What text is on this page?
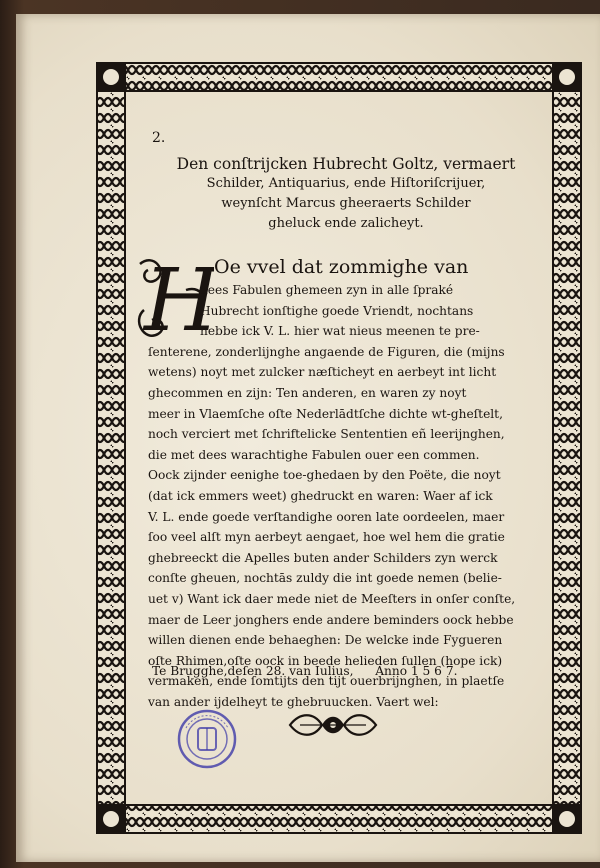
2.
Den conſtrijcken Hubrecht Goltz, vermaert
Schilder, Antiquarius, ende Hiſtoriſcrijuer,
weynſcht Marcus gheeraerts Schilder
gheluck ende zalicheyt.
H
Oe vvel dat zommighe van
dees Fabulen ghemeen zyn in alle ſpraké
Hubrecht ionſtighe goede Vriendt, nochtans
hebbe ick V. L. hier wat nieus meenen te pre-
ſenterene, zonderlijnghe angaende de Figuren, die (mijns
wetens) noyt met zulcker næſticheyt en aerbeyt int licht
ghecommen en zijn: Ten anderen, en waren zy noyt
meer in Vlaemſche oſte Nederlādtſche dichte wt-gheſtelt,
noch verciert met ſchriftelicke Sententien eñ leerijnghen,
die met dees warachtighe Fabulen ouer een commen.
Oock zijnder eenighe toe-ghedaen by den Poëte, die noyt
(dat ick emmers weet) ghedruckt en waren: Waer af ick
V. L. ende goede verſtandighe ooren late oordeelen, maer
ſoo veel alſt myn aerbeyt aengaet, hoe wel hem die gratie
ghebreeckt die Apelles buten ander Schilders zyn werck
conſte gheuen, nochtās zuldy die int goede nemen (belie-
uet v) Want ick daer mede niet de Meeſters in onſer conſte,
maer de Leer jonghers ende andere beminders oock hebbe
willen dienen ende behaeghen: De welcke inde Fygueren
oſte Rhimen,oſte oock in beede helieden ſullen (hope ick)
vermaken, ende ſomtijts den tijt ouerbrijnghen, in plaetſe
van ander ijdelheyt te ghebruucken. Vaert wel:
Te Brugghe,deſen 28. van Iulius, Anno 1 5 6 7.
